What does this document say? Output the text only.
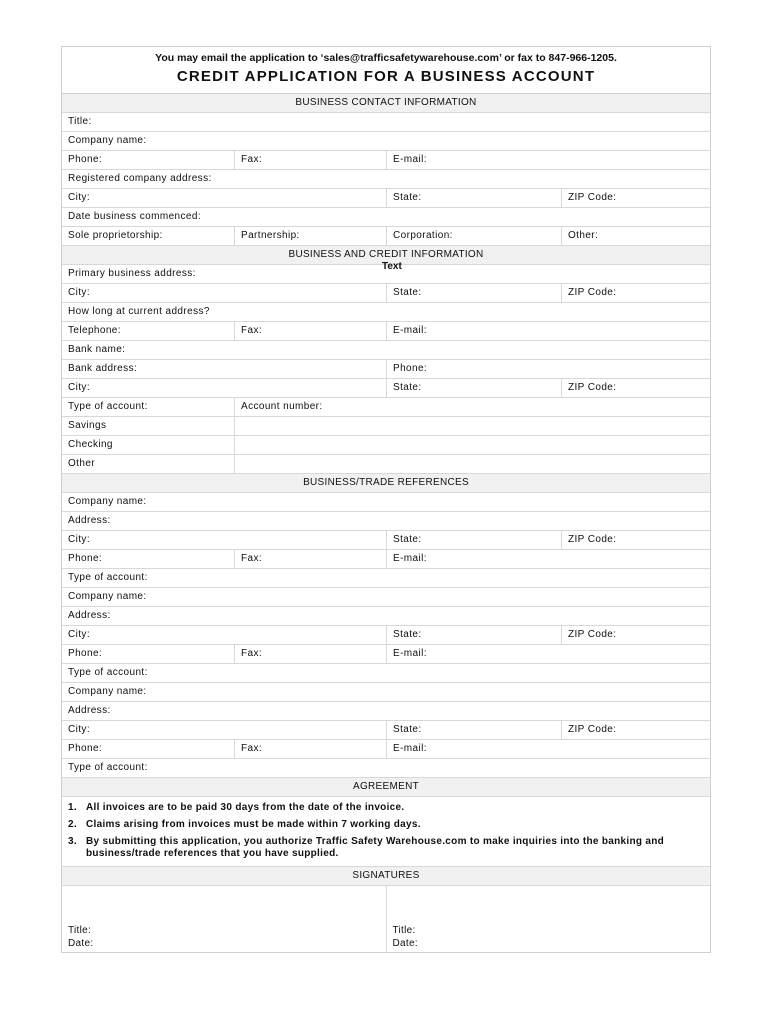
You may email the application to ‘sales@trafficsafetywarehouse.com’ or fax to 847-966-1205.
CREDIT APPLICATION FOR A BUSINESS ACCOUNT
BUSINESS CONTACT INFORMATION
Title:
Company name:
Phone:	Fax:	E-mail:
Registered company address:
City:	State:	ZIP Code:
Date business commenced:
Sole proprietorship:	Partnership:	Corporation:	Other:
BUSINESS AND CREDIT INFORMATION
Primary business address:
Text
City:	State:	ZIP Code:
How long at current address?
Telephone:	Fax:	E-mail:
Bank name:
Bank address:	Phone:
City:	State:	ZIP Code:
Type of account:	Account number:
Savings
Checking
Other
BUSINESS/TRADE REFERENCES
Company name:
Address:
City:	State:	ZIP Code:
Phone:	Fax:	E-mail:
Type of account:
Company name:
Address:
City:	State:	ZIP Code:
Phone:	Fax:	E-mail:
Type of account:
Company name:
Address:
City:	State:	ZIP Code:
Phone:	Fax:	E-mail:
Type of account:
AGREEMENT
1. All invoices are to be paid 30 days from the date of the invoice.
2. Claims arising from invoices must be made within 7 working days.
3. By submitting this application, you authorize Traffic Safety Warehouse.com to make inquiries into the banking and business/trade references that you have supplied.
SIGNATURES
Title:
Date:
Title:
Date:
